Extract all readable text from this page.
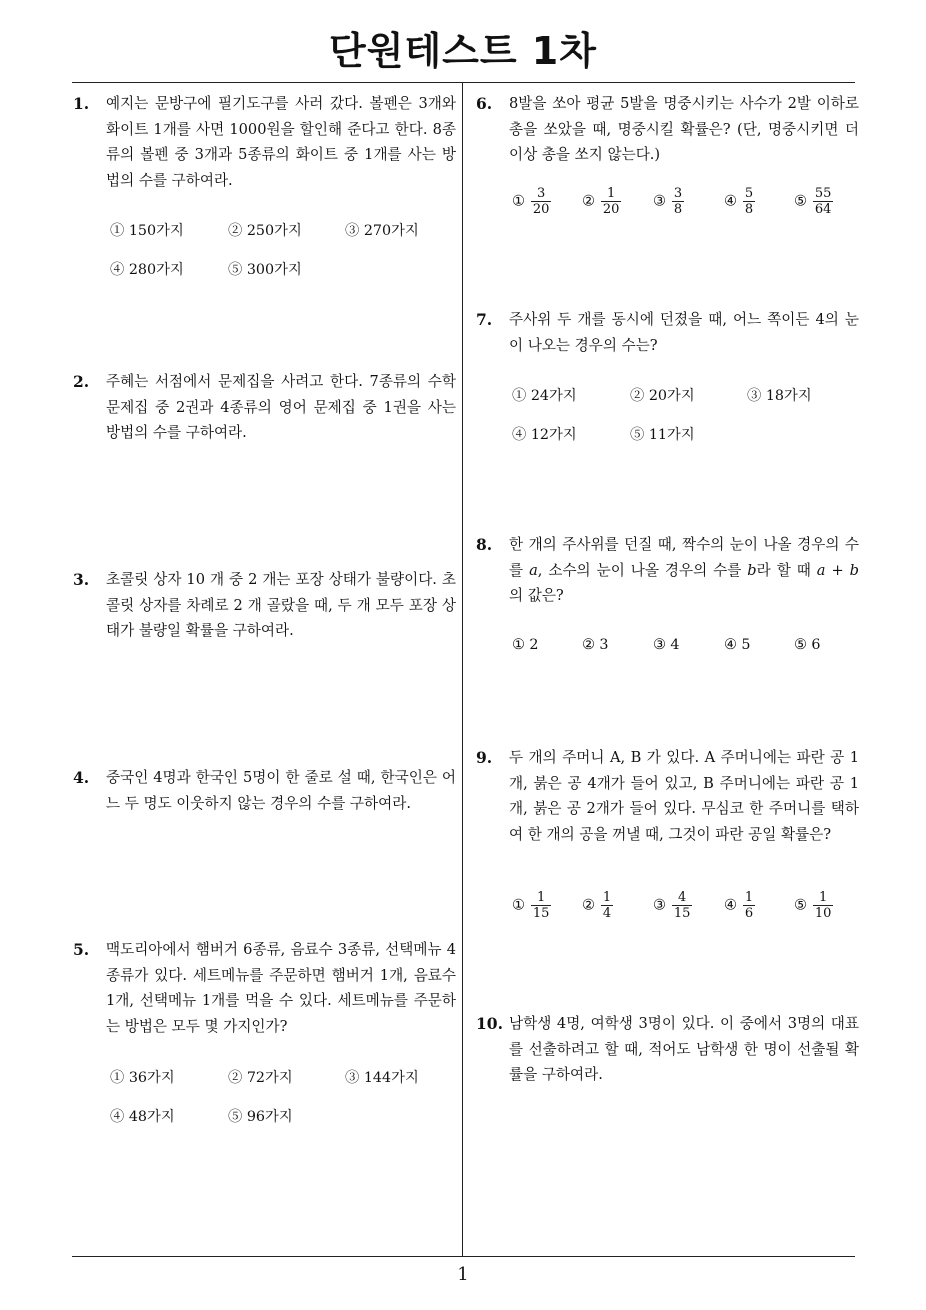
단원테스트 1차
1
1. 예지는 문방구에 필기도구를 사러 갔다. 볼펜은 3개와 화이트 1개를 사면 1000원을 할인해 준다고 한다. 8종류의 볼펜 중 3개과 5종류의 화이트 중 1개를 사는 방법의 수를 구하여라.
① 150가지	② 250가지	③ 270가지
④ 280가지	⑤ 300가지
2. 주혜는 서점에서 문제집을 사려고 한다. 7종류의 수학 문제집 중 2권과 4종류의 영어 문제집 중 1권을 사는 방법의 수를 구하여라.
3. 초콜릿 상자 10 개 중 2 개는 포장 상태가 불량이다. 초콜릿 상자를 차례로 2 개 골랐을 때, 두 개 모두 포장 상태가 불량일 확률을 구하여라.
4. 중국인 4명과 한국인 5명이 한 줄로 설 때, 한국인은 어느 두 명도 이웃하지 않는 경우의 수를 구하여라.
5. 맥도리아에서 햄버거 6종류, 음료수 3종류, 선택메뉴 4종류가 있다. 세트메뉴를 주문하면 햄버거 1개, 음료수 1개, 선택메뉴 1개를 먹을 수 있다. 세트메뉴를 주문하는 방법은 모두 몇 가지인가?
① 36가지	② 72가지	③ 144가지
④ 48가지	⑤ 96가지
6. 8발을 쏘아 평균 5발을 명중시키는 사수가 2발 이하로 총을 쏘았을 때, 명중시킬 확률은? (단, 명중시키면 더 이상 총을 쏘지 않는다.)
① $\frac{3}{20}$ ② $\frac{1}{20}$ ③ $\frac{3}{8}$	④ $\frac{5}{8}$	⑤ $\frac{55}{64}$
7. 주사위 두 개를 동시에 던졌을 때, 어느 쪽이든 4의 눈이 나오는 경우의 수는?
① 24가지	② 20가지	③ 18가지
④ 12가지	⑤ 11가지
8. 한 개의 주사위를 던질 때, 짝수의 눈이 나올 경우의 수를 a, 소수의 눈이 나올 경우의 수를 b라 할 때 a + b 의 값은?
① 2	② 3	③ 4	④ 5	⑤ 6
9. 두 개의 주머니 A, B 가 있다. A 주머니에는 파란 공 1개, 붉은 공 4개가 들어 있고, B 주머니에는 파란 공 1개, 붉은 공 2개가 들어 있다. 무심코 한 주머니를 택하여 한 개의 공을 꺼낼 때, 그것이 파란 공일 확률은?
① $\frac{1}{15}$ ② $\frac{1}{4}$	③ $\frac{4}{15}$ ④ $\frac{1}{6}$	⑤ $\frac{1}{10}$
10. 남학생 4명, 여학생 3명이 있다. 이 중에서 3명의 대표를 선출하려고 할 때, 적어도 남학생 한 명이 선출될 확률을 구하여라.
